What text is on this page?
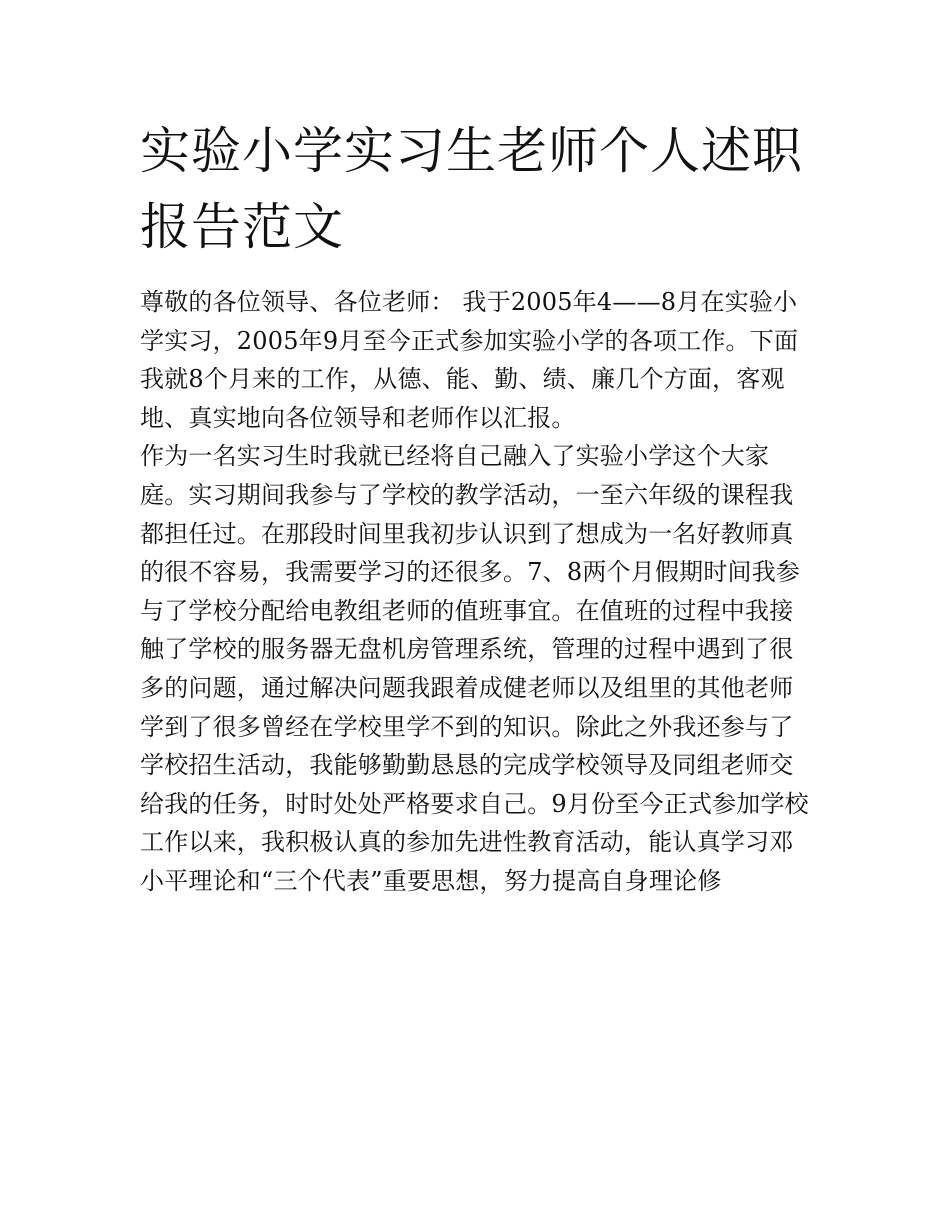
实验小学实习生老师个人述职报告范文

尊敬的各位领导、各位老师： 我于2005年4——8月在实验小学实习，2005年9月至今正式参加实验小学的各项工作。下面我就8个月来的工作，从德、能、勤、绩、廉几个方面，客观地、真实地向各位领导和老师作以汇报。

作为一名实习生时我就已经将自己融入了实验小学这个大家庭。实习期间我参与了学校的教学活动，一至六年级的课程我都担任过。在那段时间里我初步认识到了想成为一名好教师真的很不容易，我需要学习的还很多。7、8两个月假期时间我参与了学校分配给电教组老师的值班事宜。在值班的过程中我接触了学校的服务器无盘机房管理系统，管理的过程中遇到了很多的问题，通过解决问题我跟着成健老师以及组里的其他老师学到了很多曾经在学校里学不到的知识。除此之外我还参与了学校招生活动，我能够勤勤恳恳的完成学校领导及同组老师交给我的任务，时时处处严格要求自己。9月份至今正式参加学校工作以来，我积极认真的参加先进性教育活动，能认真学习邓小平理论和“三个代表”重要思想，努力提高自身理论修
